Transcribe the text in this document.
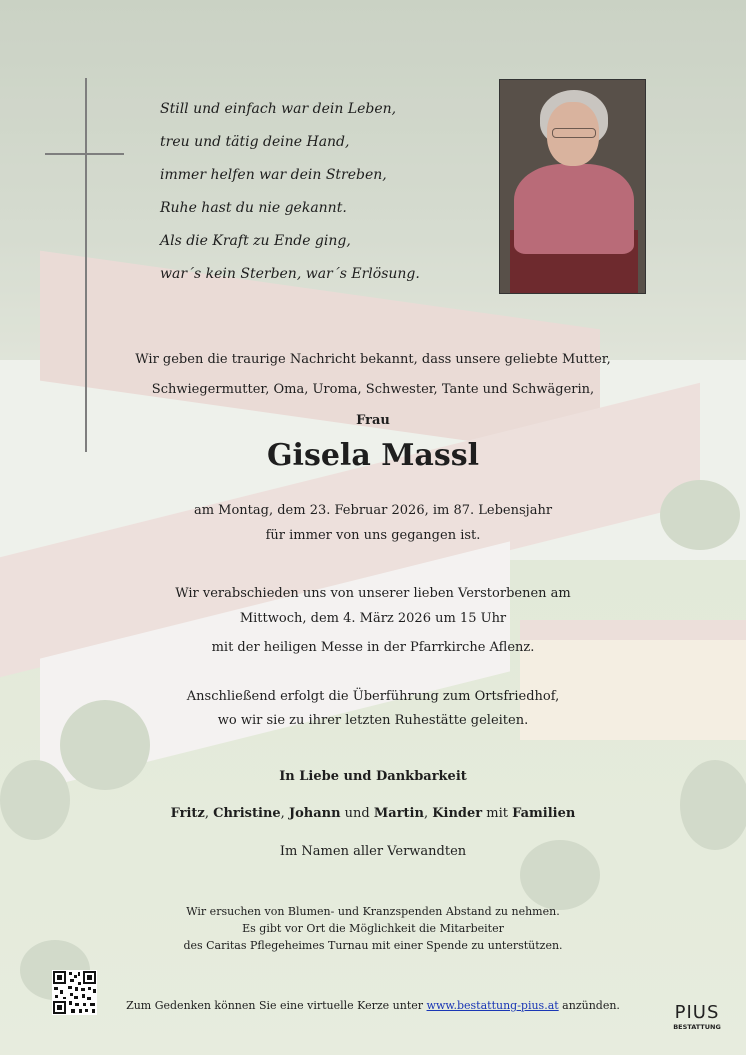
Still und einfach war dein Leben,
treu und tätig deine Hand,
immer helfen war dein Streben,
Ruhe hast du nie gekannt.
Als die Kraft zu Ende ging,
war´s kein Sterben, war´s Erlösung.
Wir geben die traurige Nachricht bekannt, dass unsere geliebte Mutter,
Schwiegermutter, Oma, Uroma, Schwester, Tante und Schwägerin,
Frau
Gisela Massl
am Montag, dem 23. Februar 2026, im 87. Lebensjahr
für immer von uns gegangen ist.
Wir verabschieden uns von unserer lieben Verstorbenen am
Mittwoch, dem 4. März 2026 um 15 Uhr
mit der heiligen Messe in der Pfarrkirche Aflenz.
Anschließend erfolgt die Überführung zum Ortsfriedhof,
wo wir sie zu ihrer letzten Ruhestätte geleiten.
In Liebe und Dankbarkeit
Fritz, Christine, Johann und Martin, Kinder mit Familien
Im Namen aller Verwandten
Wir ersuchen von Blumen- und Kranzspenden Abstand zu nehmen.
Es gibt vor Ort die Möglichkeit die Mitarbeiter
des Caritas Pflegeheimes Turnau mit einer Spende zu unterstützen.
Zum Gedenken können Sie eine virtuelle Kerze unter www.bestattung-pius.at anzünden.	PIUS
BESTATTUNG
